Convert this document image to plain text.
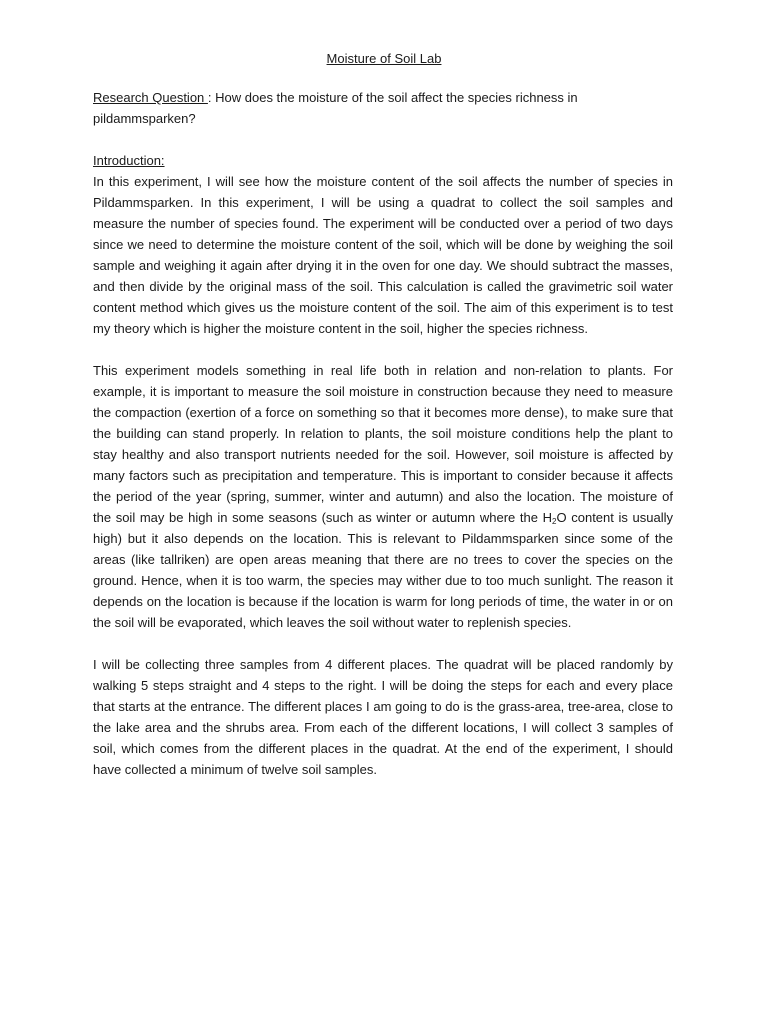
Moisture of Soil Lab

Research Question : How does the moisture of the soil affect the species richness in pildammsparken?

Introduction:

In this experiment, I will see how the moisture content of the soil affects the number of species in Pildammsparken. In this experiment, I will be using a quadrat to collect the soil samples and measure the number of species found. The experiment will be conducted over a period of two days since we need to determine the moisture content of the soil, which will be done by weighing the soil sample and weighing it again after drying it in the oven for one day. We should subtract the masses, and then divide by the original mass of the soil. This calculation is called the gravimetric soil water content method which gives us the moisture content of the soil. The aim of this experiment is to test my theory which is higher the moisture content in the soil, higher the species richness.

This experiment models something in real life both in relation and non-relation to plants. For example, it is important to measure the soil moisture in construction because they need to measure the compaction (exertion of a force on something so that it becomes more dense), to make sure that the building can stand properly. In relation to plants, the soil moisture conditions help the plant to stay healthy and also transport nutrients needed for the soil. However, soil moisture is affected by many factors such as precipitation and temperature. This is important to consider because it affects the period of the year (spring, summer, winter and autumn) and also the location. The moisture of the soil may be high in some seasons (such as winter or autumn where the $H_2O$ content is usually high) but it also depends on the location. This is relevant to Pildammsparken since some of the areas (like tallriken) are open areas meaning that there are no trees to cover the species on the ground. Hence, when it is too warm, the species may wither due to too much sunlight. The reason it depends on the location is because if the location is warm for long periods of time, the water in or on the soil will be evaporated, which leaves the soil without water to replenish species.

I will be collecting three samples from 4 different places. The quadrat will be placed randomly by walking 5 steps straight and 4 steps to the right. I will be doing the steps for each and every place that starts at the entrance. The different places I am going to do is the grass-area, tree-area, close to the lake area and the shrubs area. From each of the different locations, I will collect 3 samples of soil, which comes from the different places in the quadrat. At the end of the experiment, I should have collected a minimum of twelve soil samples.
